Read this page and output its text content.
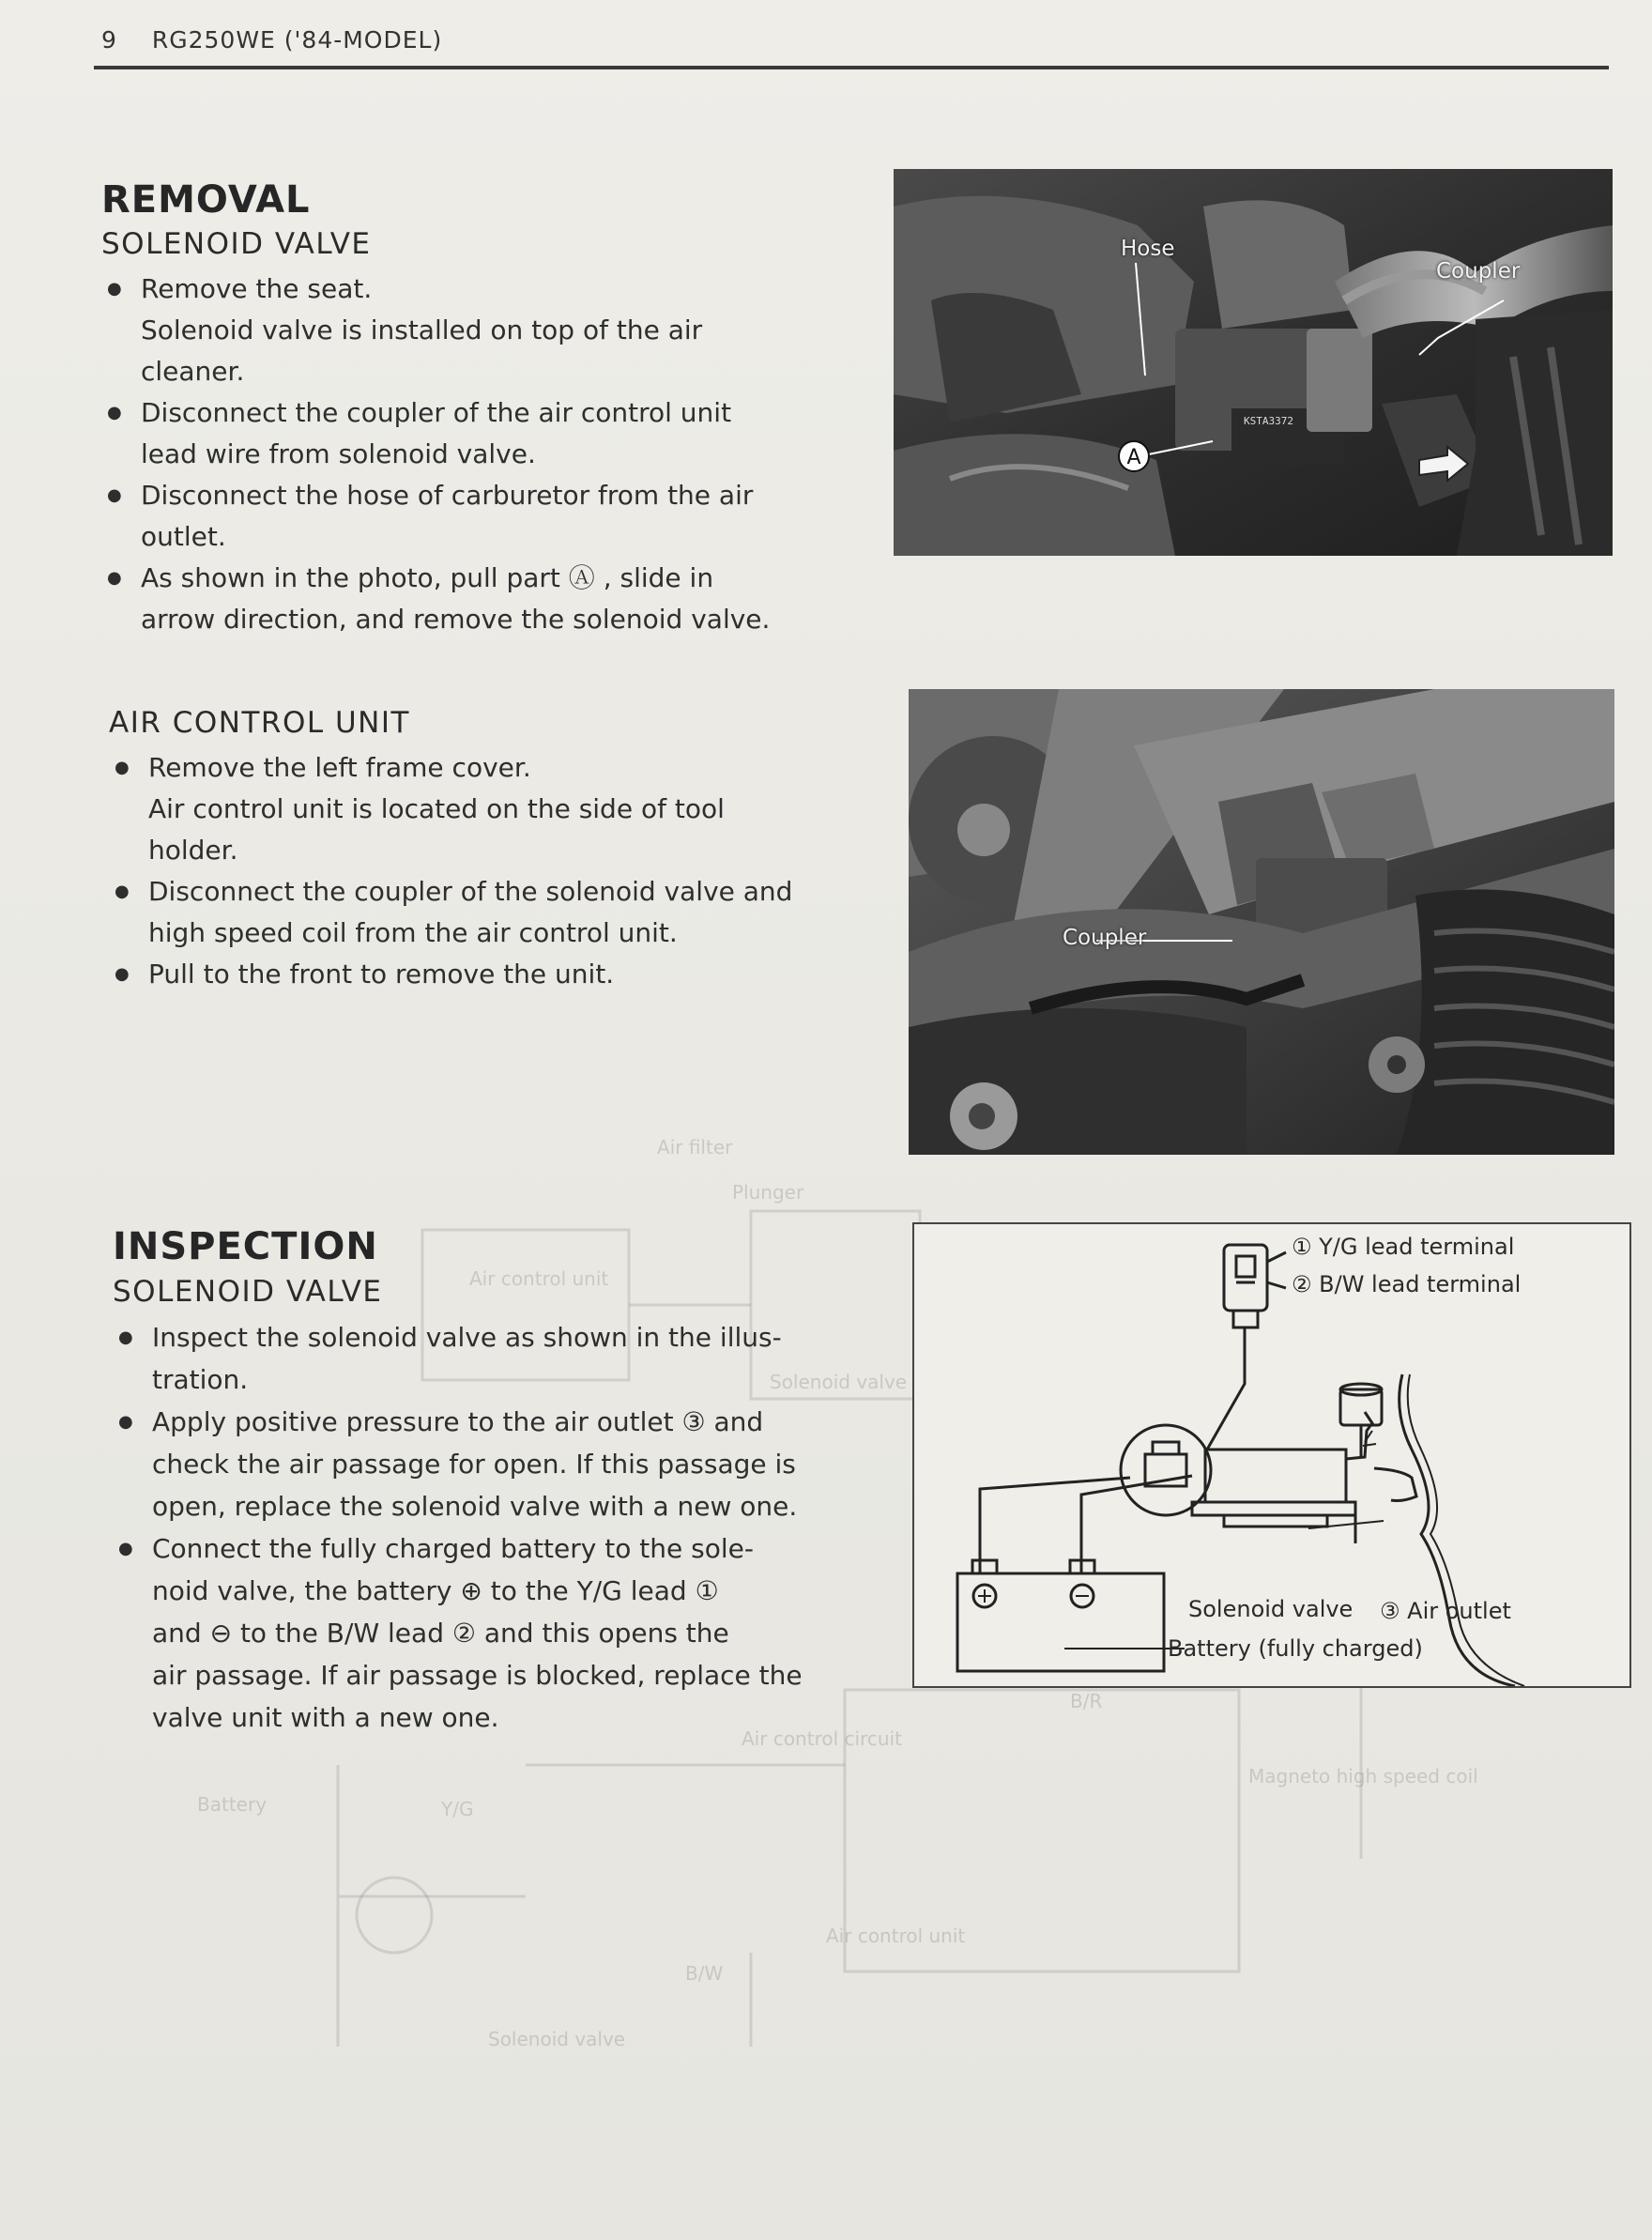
Air filter
Plunger
Air control unit
Solenoid valve
Air control circuit
Magneto high speed coil
Battery
Air control unit
Solenoid valve
B/W
Y/G
B/R
9 RG250WE ('84-MODEL)
REMOVAL
SOLENOID VALVE
● Remove the seat.
Solenoid valve is installed on top of the air
cleaner.
● Disconnect the coupler of the air control unit
lead wire from solenoid valve.
● Disconnect the hose of carburetor from the air
outlet.
● As shown in the photo, pull part Ⓐ , slide in
arrow direction, and remove the solenoid valve.
AIR CONTROL UNIT
● Remove the left frame cover.
Air control unit is located on the side of tool
holder.
● Disconnect the coupler of the solenoid valve and
high speed coil from the air control unit.
● Pull to the front to remove the unit.
INSPECTION
SOLENOID VALVE
● Inspect the solenoid valve as shown in the illus-
tration.
● Apply positive pressure to the air outlet ③ and
check the air passage for open. If this passage is
open, replace the solenoid valve with a new one.
● Connect the fully charged battery to the sole-
noid valve, the battery ⊕ to the Y/G lead ①
and ⊖ to the B/W lead ② and this opens the
air passage. If air passage is blocked, replace the
valve unit with a new one.
KSTA3372
A
Hose
Coupler
Coupler
① Y/G lead terminal
② B/W lead terminal
Solenoid valve ③ Air outlet
Battery (fully charged)
